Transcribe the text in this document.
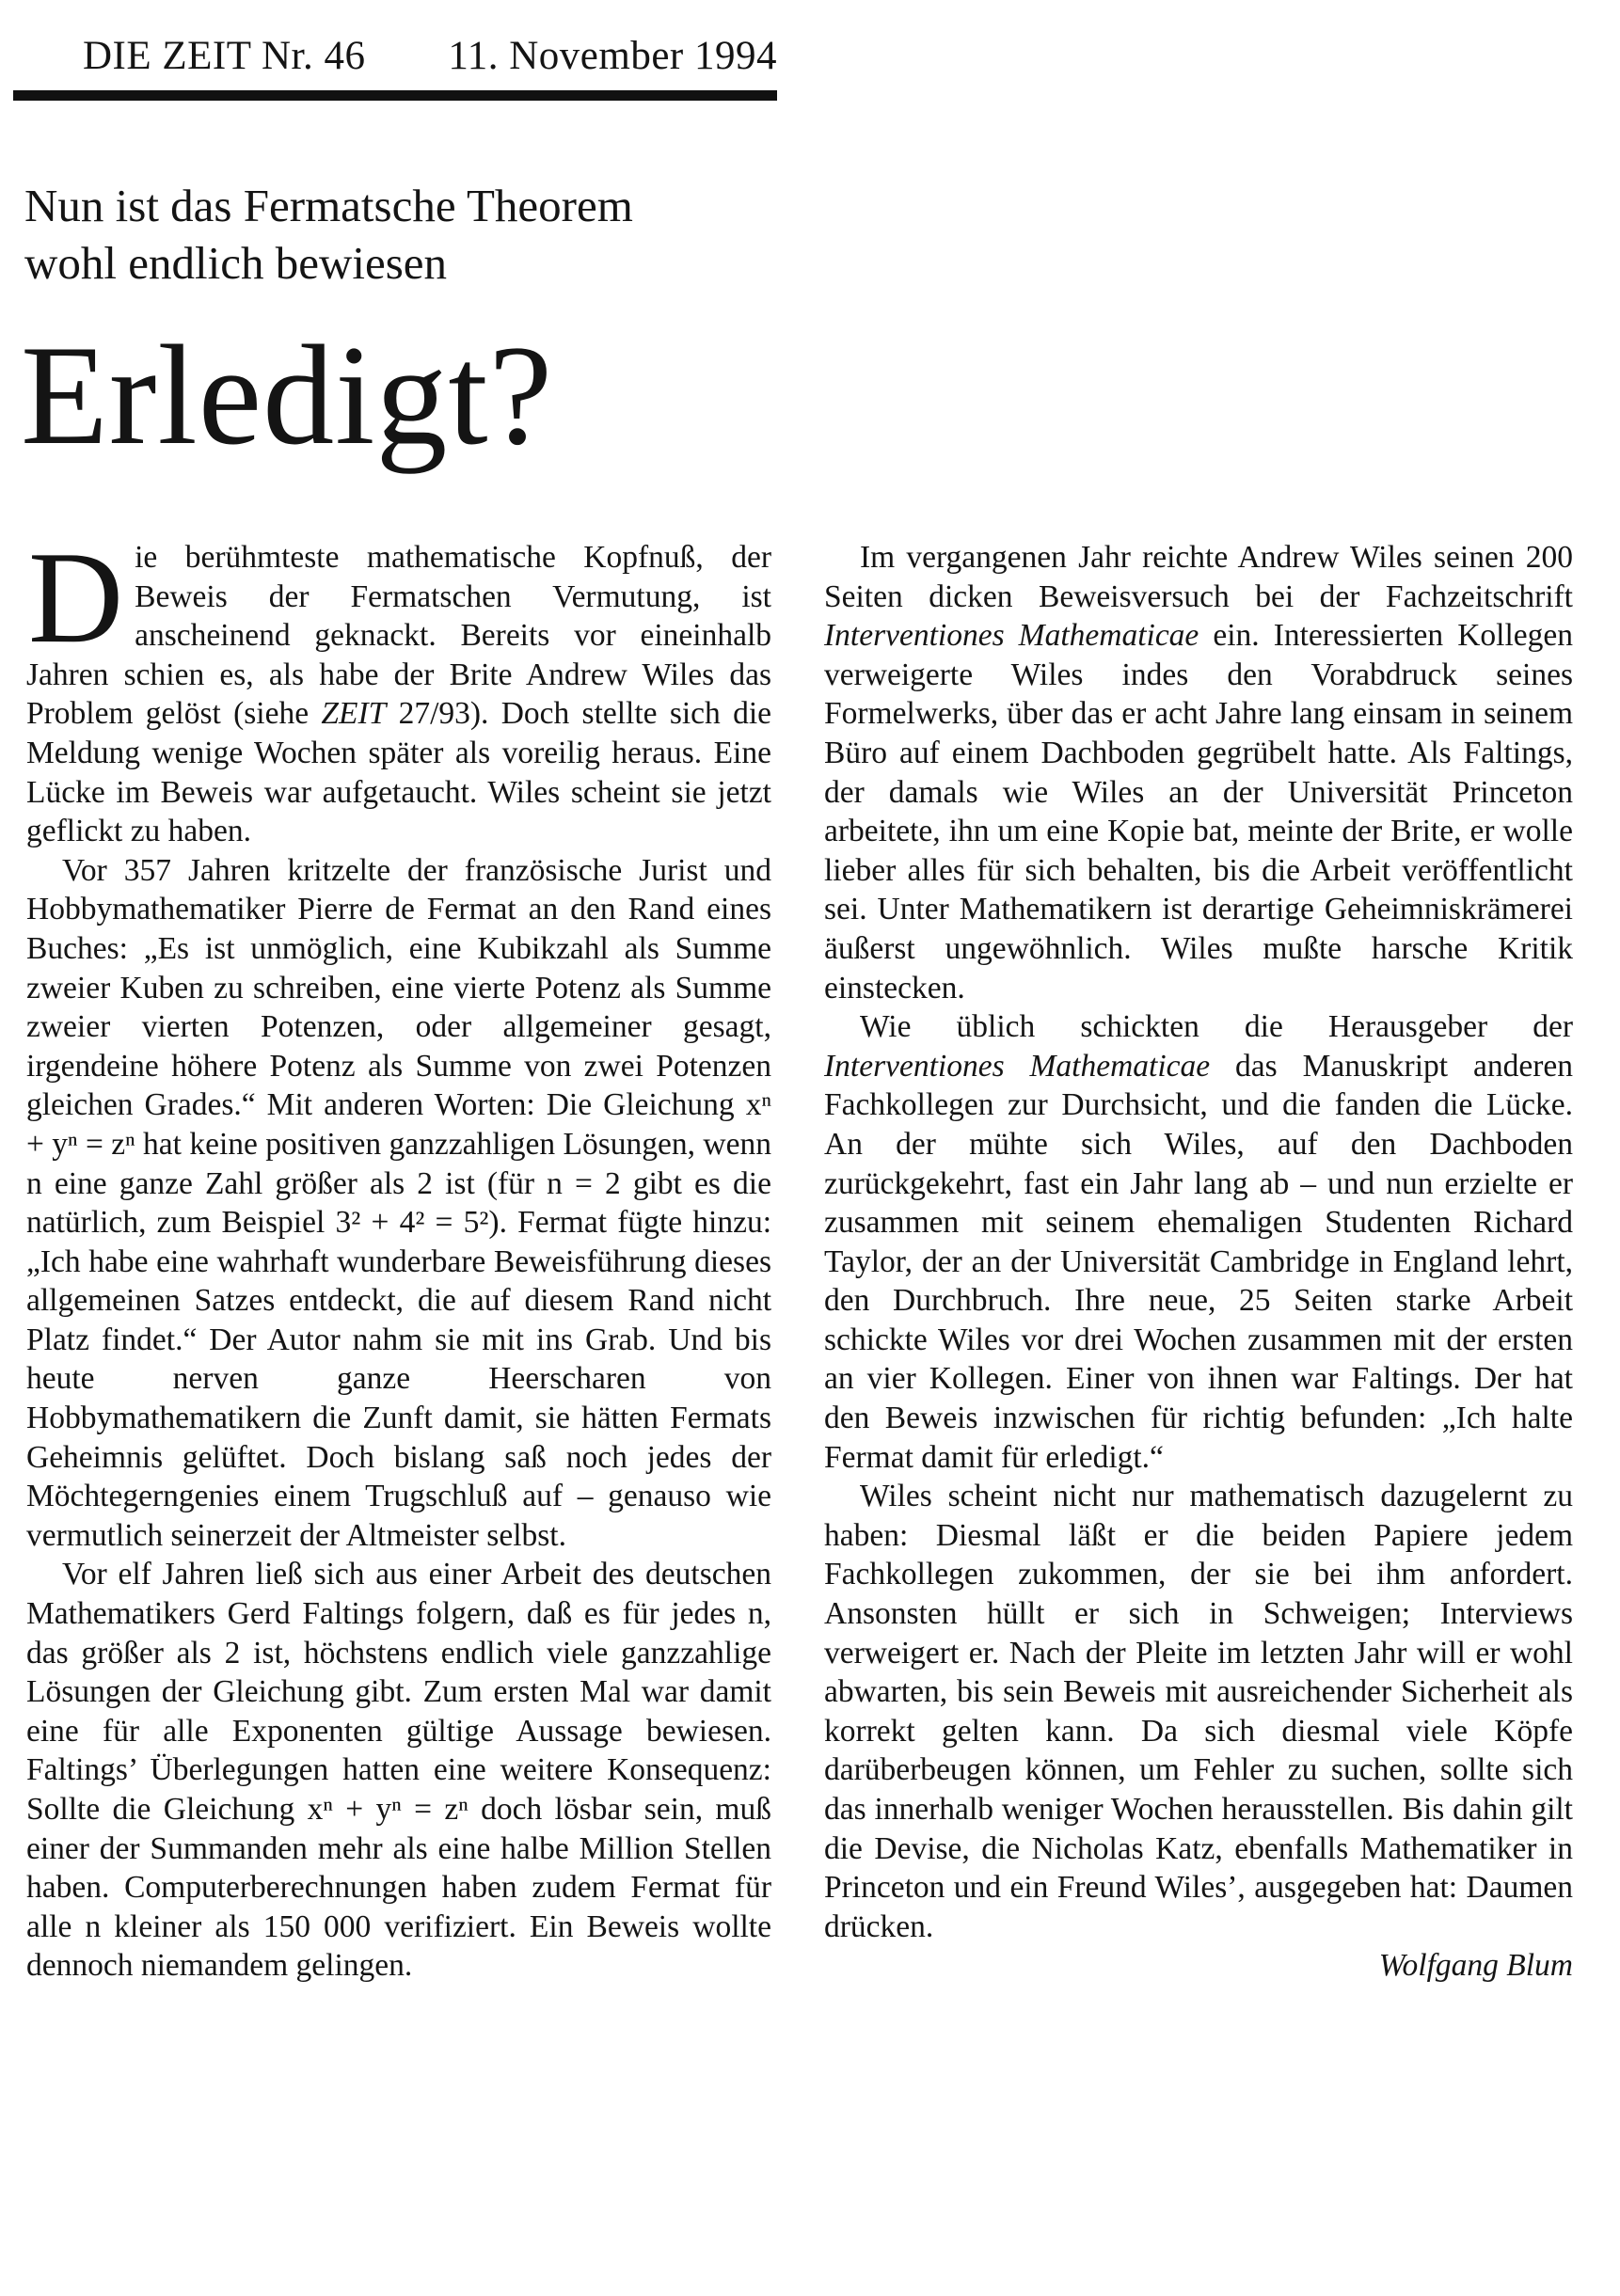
DIE ZEIT Nr. 46 11. November 1994
Nun ist das Fermatsche Theorem
wohl endlich bewiesen
Erledigt?

Die berühmteste mathematische Kopfnuß, der Beweis der Fermatschen Vermutung, ist anscheinend geknackt. Bereits vor eineinhalb Jahren schien es, als habe der Brite Andrew Wiles das Problem gelöst (siehe ZEIT 27/93). Doch stellte sich die Meldung wenige Wochen später als voreilig heraus. Eine Lücke im Beweis war aufgetaucht. Wiles scheint sie jetzt geflickt zu haben.

Vor 357 Jahren kritzelte der französische Jurist und Hobbymathematiker Pierre de Fermat an den Rand eines Buches: „Es ist unmöglich, eine Kubikzahl als Summe zweier Kuben zu schreiben, eine vierte Potenz als Summe zweier vierten Potenzen, oder allgemeiner gesagt, irgendeine höhere Potenz als Summe von zwei Potenzen gleichen Grades.“ Mit anderen Worten: Die Gleichung xⁿ + yⁿ = zⁿ hat keine positiven ganzzahligen Lösungen, wenn n eine ganze Zahl größer als 2 ist (für n = 2 gibt es die natürlich, zum Beispiel 3² + 4² = 5²). Fermat fügte hinzu: „Ich habe eine wahrhaft wunderbare Beweisführung dieses allgemeinen Satzes entdeckt, die auf diesem Rand nicht Platz findet.“ Der Autor nahm sie mit ins Grab. Und bis heute nerven ganze Heerscharen von Hobbymathematikern die Zunft damit, sie hätten Fermats Geheimnis gelüftet. Doch bislang saß noch jedes der Möchtegerngenies einem Trugschluß auf – genauso wie vermutlich seinerzeit der Altmeister selbst.

Vor elf Jahren ließ sich aus einer Arbeit des deutschen Mathematikers Gerd Faltings folgern, daß es für jedes n, das größer als 2 ist, höchstens endlich viele ganzzahlige Lösungen der Gleichung gibt. Zum ersten Mal war damit eine für alle Exponenten gültige Aussage bewiesen. Faltings’ Überlegungen hatten eine weitere Konsequenz: Sollte die Gleichung xⁿ + yⁿ = zⁿ doch lösbar sein, muß einer der Summanden mehr als eine halbe Million Stellen haben. Computerberechnungen haben zudem Fermat für alle n kleiner als 150 000 verifiziert. Ein Beweis wollte dennoch niemandem gelingen.

Im vergangenen Jahr reichte Andrew Wiles seinen 200 Seiten dicken Beweisversuch bei der Fachzeitschrift Interventiones Mathematicae ein. Interessierten Kollegen verweigerte Wiles indes den Vorabdruck seines Formelwerks, über das er acht Jahre lang einsam in seinem Büro auf einem Dachboden gegrübelt hatte. Als Faltings, der damals wie Wiles an der Universität Princeton arbeitete, ihn um eine Kopie bat, meinte der Brite, er wolle lieber alles für sich behalten, bis die Arbeit veröffentlicht sei. Unter Mathematikern ist derartige Geheimniskrämerei äußerst ungewöhnlich. Wiles mußte harsche Kritik einstecken.

Wie üblich schickten die Herausgeber der Interventiones Mathematicae das Manuskript anderen Fachkollegen zur Durchsicht, und die fanden die Lücke. An der mühte sich Wiles, auf den Dachboden zurückgekehrt, fast ein Jahr lang ab – und nun erzielte er zusammen mit seinem ehemaligen Studenten Richard Taylor, der an der Universität Cambridge in England lehrt, den Durchbruch. Ihre neue, 25 Seiten starke Arbeit schickte Wiles vor drei Wochen zusammen mit der ersten an vier Kollegen. Einer von ihnen war Faltings. Der hat den Beweis inzwischen für richtig befunden: „Ich halte Fermat damit für erledigt.“

Wiles scheint nicht nur mathematisch dazugelernt zu haben: Diesmal läßt er die beiden Papiere jedem Fachkollegen zukommen, der sie bei ihm anfordert. Ansonsten hüllt er sich in Schweigen; Interviews verweigert er. Nach der Pleite im letzten Jahr will er wohl abwarten, bis sein Beweis mit ausreichender Sicherheit als korrekt gelten kann. Da sich diesmal viele Köpfe darüberbeugen können, um Fehler zu suchen, sollte sich das innerhalb weniger Wochen herausstellen. Bis dahin gilt die Devise, die Nicholas Katz, ebenfalls Mathematiker in Princeton und ein Freund Wiles’, ausgegeben hat: Daumen drücken.

Wolfgang Blum
